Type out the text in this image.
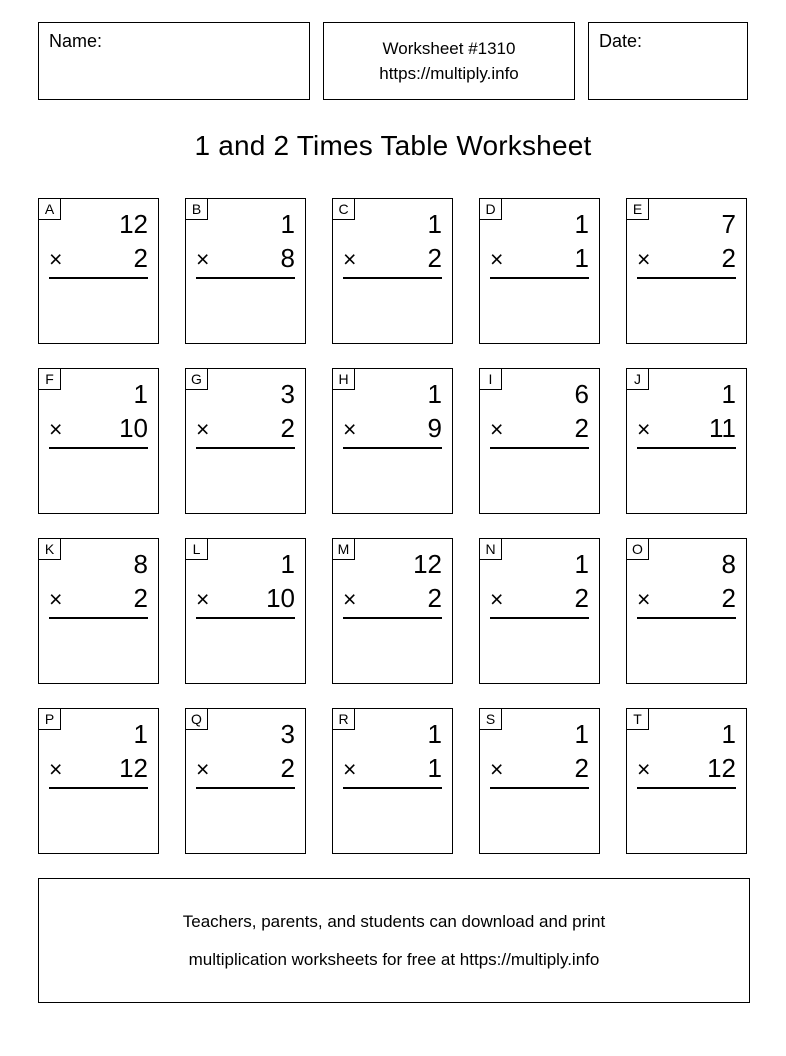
Name:	Worksheet #1310
https://multiply.info
Date:
1 and 2 Times Table Worksheet
A	12
×	2
B	1
×	8
C	1
×	2
D	1
×	1
E	7
×	2
F	1
× 10
G	3
×	2
H	1
×	9
I	6
×	2
J	1
× 11
K	8
×	2
L	1
× 10
M	12
×	2
N	1
×	2
O	8
×	2
P	1
× 12
Q	3
×	2
R	1
×	1
S	1
×	2
T	1
× 12
Teachers, parents, and students can download and print
multiplication worksheets for free at https://multiply.info
